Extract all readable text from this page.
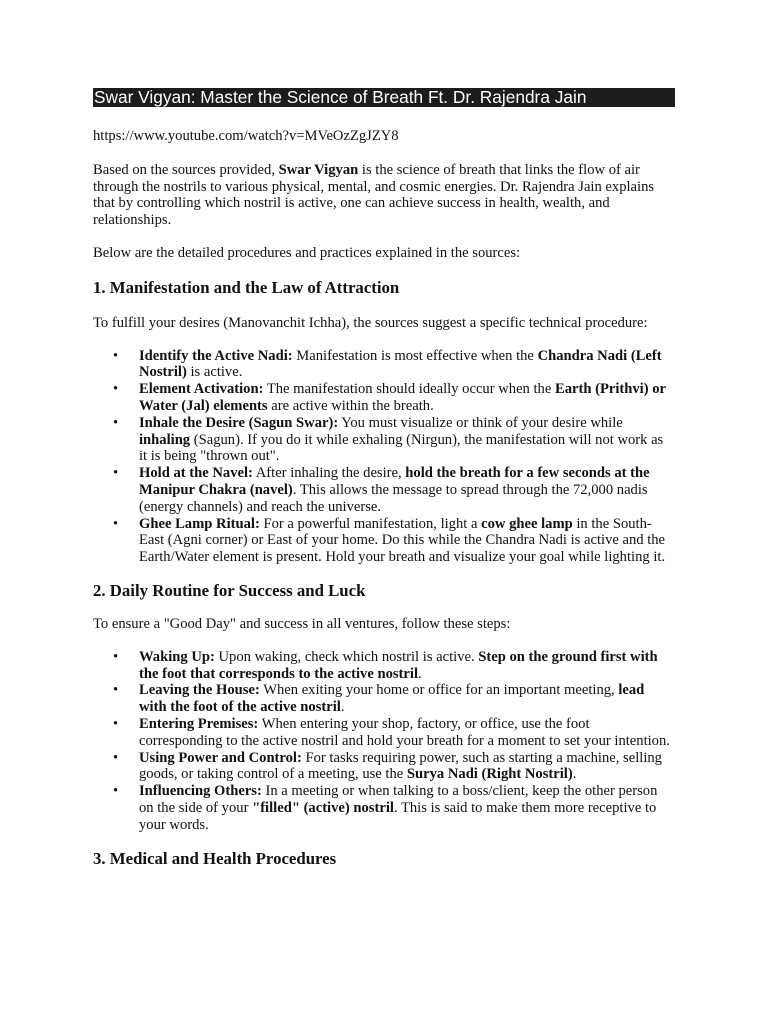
Swar Vigyan: Master the Science of Breath Ft. Dr. Rajendra Jain

https://www.youtube.com/watch?v=MVeOzZgJZY8

Based on the sources provided, Swar Vigyan is the science of breath that links the flow of air through the nostrils to various physical, mental, and cosmic energies. Dr. Rajendra Jain explains that by controlling which nostril is active, one can achieve success in health, wealth, and relationships.

Below are the detailed procedures and practices explained in the sources:

1. Manifestation and the Law of Attraction

To fulfill your desires (Manovanchit Ichha), the sources suggest a specific technical procedure:

• Identify the Active Nadi: Manifestation is most effective when the Chandra Nadi (Left Nostril) is active.
• Element Activation: The manifestation should ideally occur when the Earth (Prithvi) or Water (Jal) elements are active within the breath.
• Inhale the Desire (Sagun Swar): You must visualize or think of your desire while inhaling (Sagun). If you do it while exhaling (Nirgun), the manifestation will not work as it is being "thrown out".
• Hold at the Navel: After inhaling the desire, hold the breath for a few seconds at the Manipur Chakra (navel). This allows the message to spread through the 72,000 nadis (energy channels) and reach the universe.
• Ghee Lamp Ritual: For a powerful manifestation, light a cow ghee lamp in the South-East (Agni corner) or East of your home. Do this while the Chandra Nadi is active and the Earth/Water element is present. Hold your breath and visualize your goal while lighting it.
2. Daily Routine for Success and Luck

To ensure a "Good Day" and success in all ventures, follow these steps:

• Waking Up: Upon waking, check which nostril is active. Step on the ground first with the foot that corresponds to the active nostril.
• Leaving the House: When exiting your home or office for an important meeting, lead with the foot of the active nostril.
• Entering Premises: When entering your shop, factory, or office, use the foot corresponding to the active nostril and hold your breath for a moment to set your intention.
• Using Power and Control: For tasks requiring power, such as starting a machine, selling goods, or taking control of a meeting, use the Surya Nadi (Right Nostril).
• Influencing Others: In a meeting or when talking to a boss/client, keep the other person on the side of your "filled" (active) nostril. This is said to make them more receptive to your words.
3. Medical and Health Procedures
